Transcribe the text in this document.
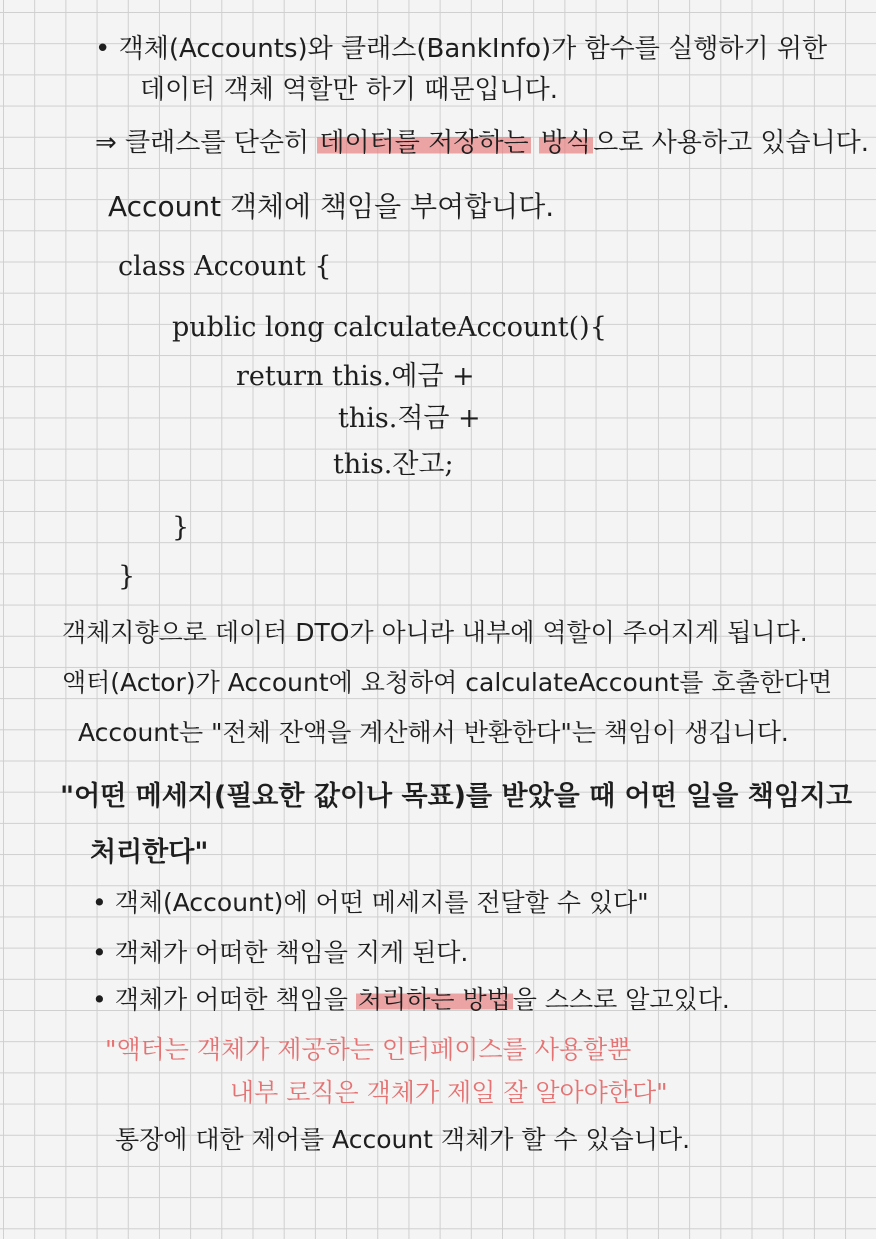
• 객체(Accounts)와 클래스(BankInfo)가 함수를 실행하기 위한
데이터 객체 역할만 하기 때문입니다.
⇒ 클래스를 단순히 데이터를 저장하는 방식으로 사용하고 있습니다.
Account 객체에 책임을 부여합니다.
class Account {
public long calculateAccount(){
return this.예금 +
this.적금 +
this.잔고;
}
}
객체지향으로 데이터 DTO가 아니라 내부에 역할이 주어지게 됩니다.
액터(Actor)가 Account에 요청하여 calculateAccount를 호출한다면
Account는 "전체 잔액을 계산해서 반환한다"는 책임이 생깁니다.
"어떤 메세지(필요한 값이나 목표)를 받았을 때 어떤 일을 책임지고
처리한다"
• 객체(Account)에 어떤 메세지를 전달할 수 있다"
• 객체가 어떠한 책임을 지게 된다.
• 객체가 어떠한 책임을 처리하는 방법을 스스로 알고있다.
"액터는 객체가 제공하는 인터페이스를 사용할뿐
내부 로직은 객체가 제일 잘 알아야한다"
통장에 대한 제어를 Account 객체가 할 수 있습니다.
